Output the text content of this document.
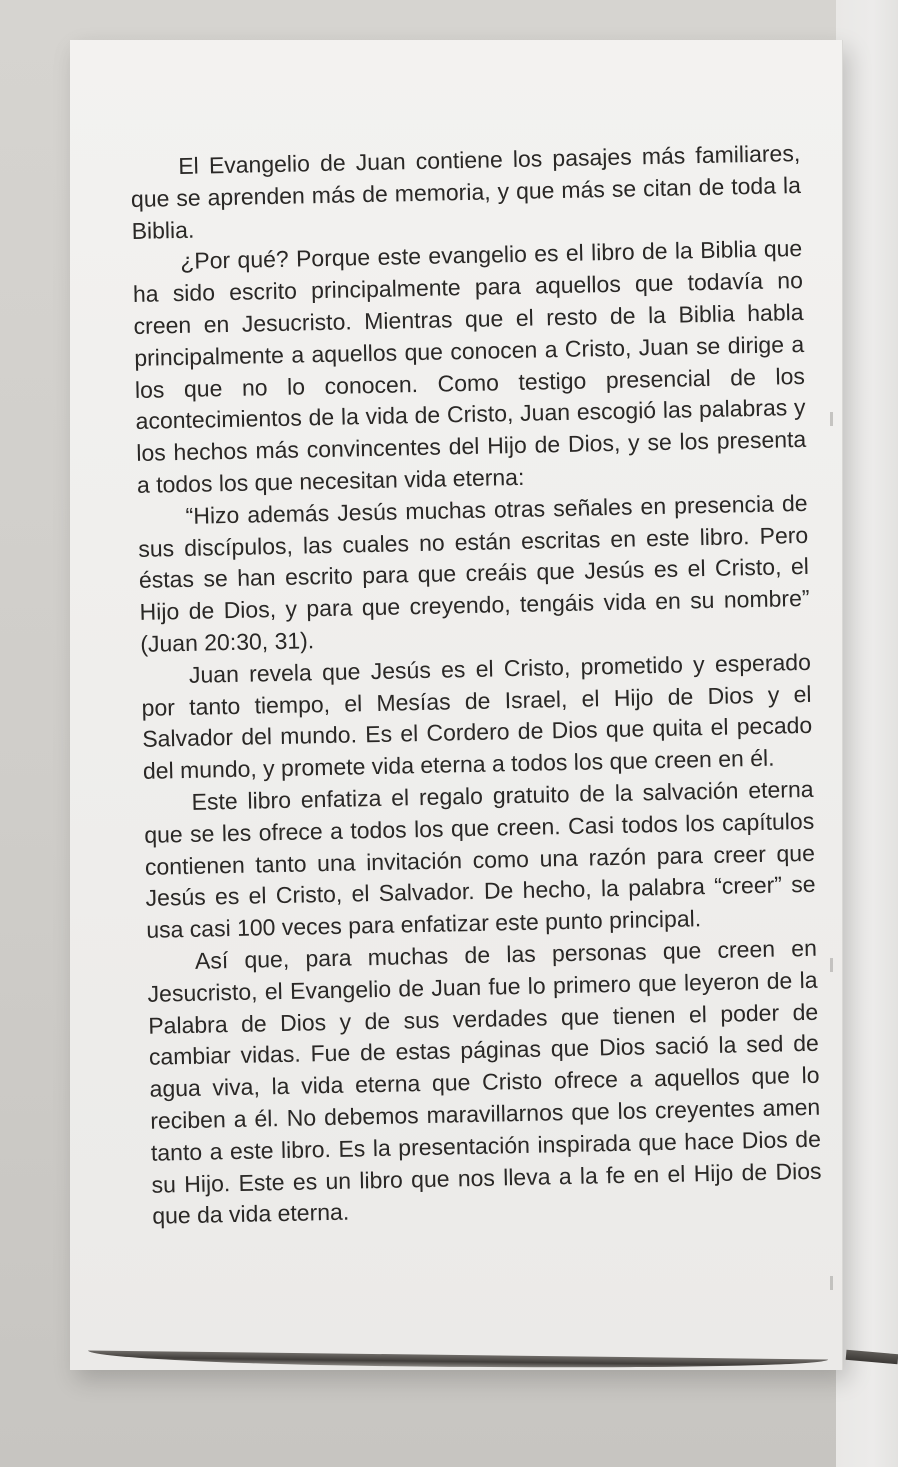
El Evangelio de Juan contiene los pasajes más familiares, que se aprenden más de memoria, y que más se citan de toda la Biblia.

¿Por qué? Porque este evangelio es el libro de la Biblia que ha sido escrito principalmente para aquellos que todavía no creen en Jesucristo. Mientras que el resto de la Biblia habla principalmente a aquellos que conocen a Cristo, Juan se dirige a los que no lo conocen. Como testigo presencial de los acontecimientos de la vida de Cristo, Juan escogió las palabras y los hechos más convincentes del Hijo de Dios, y se los presenta a todos los que necesitan vida eterna:

“Hizo además Jesús muchas otras señales en presencia de sus discípulos, las cuales no están escritas en este libro. Pero éstas se han escrito para que creáis que Jesús es el Cristo, el Hijo de Dios, y para que creyendo, tengáis vida en su nombre” (Juan 20:30, 31).

Juan revela que Jesús es el Cristo, prometido y esperado por tanto tiempo, el Mesías de Israel, el Hijo de Dios y el Salvador del mundo. Es el Cordero de Dios que quita el pecado del mundo, y promete vida eterna a todos los que creen en él.

Este libro enfatiza el regalo gratuito de la salvación eterna que se les ofrece a todos los que creen. Casi todos los capítulos contienen tanto una invitación como una razón para creer que Jesús es el Cristo, el Salvador. De hecho, la palabra “creer” se usa casi 100 veces para enfatizar este punto principal.

Así que, para muchas de las personas que creen en Jesucristo, el Evangelio de Juan fue lo primero que leyeron de la Palabra de Dios y de sus verdades que tienen el poder de cambiar vidas. Fue de estas páginas que Dios sació la sed de agua viva, la vida eterna que Cristo ofrece a aquellos que lo reciben a él. No debemos maravillarnos que los creyentes amen tanto a este libro. Es la presentación inspirada que hace Dios de su Hijo. Este es un libro que nos lleva a la fe en el Hijo de Dios que da vida eterna.
